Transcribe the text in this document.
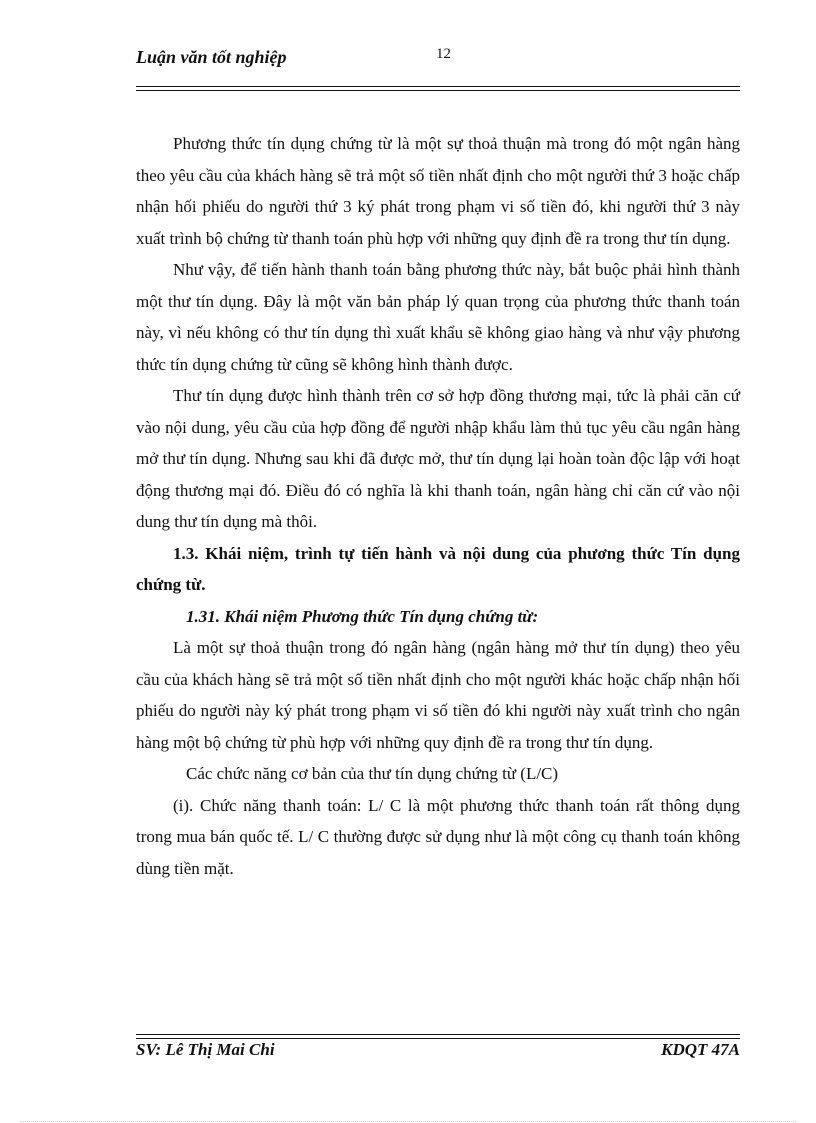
Luận văn tốt nghiệp	12

Phương thức tín dụng chứng từ là một sự thoả thuận mà trong đó một ngân hàng theo yêu cầu của khách hàng sẽ trả một số tiền nhất định cho một người thứ 3 hoặc chấp nhận hối phiếu do người thứ 3 ký phát trong phạm vi số tiền đó, khi người thứ 3 này xuất trình bộ chứng từ thanh toán phù hợp với những quy định đề ra trong thư tín dụng.

Như vậy, để tiến hành thanh toán bằng phương thức này, bắt buộc phải hình thành một thư tín dụng. Đây là một văn bản pháp lý quan trọng của phương thức thanh toán này, vì nếu không có thư tín dụng thì xuất khẩu sẽ không giao hàng và như vậy phương thức tín dụng chứng từ cũng sẽ không hình thành được.

Thư tín dụng được hình thành trên cơ sở hợp đồng thương mại, tức là phải căn cứ vào nội dung, yêu cầu của hợp đồng để người nhập khẩu làm thủ tục yêu cầu ngân hàng mở thư tín dụng. Nhưng sau khi đã được mở, thư tín dụng lại hoàn toàn độc lập với hoạt động thương mại đó. Điều đó có nghĩa là khi thanh toán, ngân hàng chỉ căn cứ vào nội dung thư tín dụng mà thôi.

1.3. Khái niệm, trình tự tiến hành và nội dung của phương thức Tín dụng chứng từ.

1.31. Khái niệm Phương thức Tín dụng chứng từ:

Là một sự thoả thuận trong đó ngân hàng (ngân hàng mở thư tín dụng) theo yêu cầu của khách hàng sẽ trả một số tiền nhất định cho một người khác hoặc chấp nhận hối phiếu do người này ký phát trong phạm vi số tiền đó khi người này xuất trình cho ngân hàng một bộ chứng từ phù hợp với những quy định đề ra trong thư tín dụng.

Các chức năng cơ bản của thư tín dụng chứng từ (L/C)

(i). Chức năng thanh toán: L/ C là một phương thức thanh toán rất thông dụng trong mua bán quốc tế. L/ C thường được sử dụng như là một công cụ thanh toán không dùng tiền mặt.

SV: Lê Thị Mai Chi	KDQT 47A
